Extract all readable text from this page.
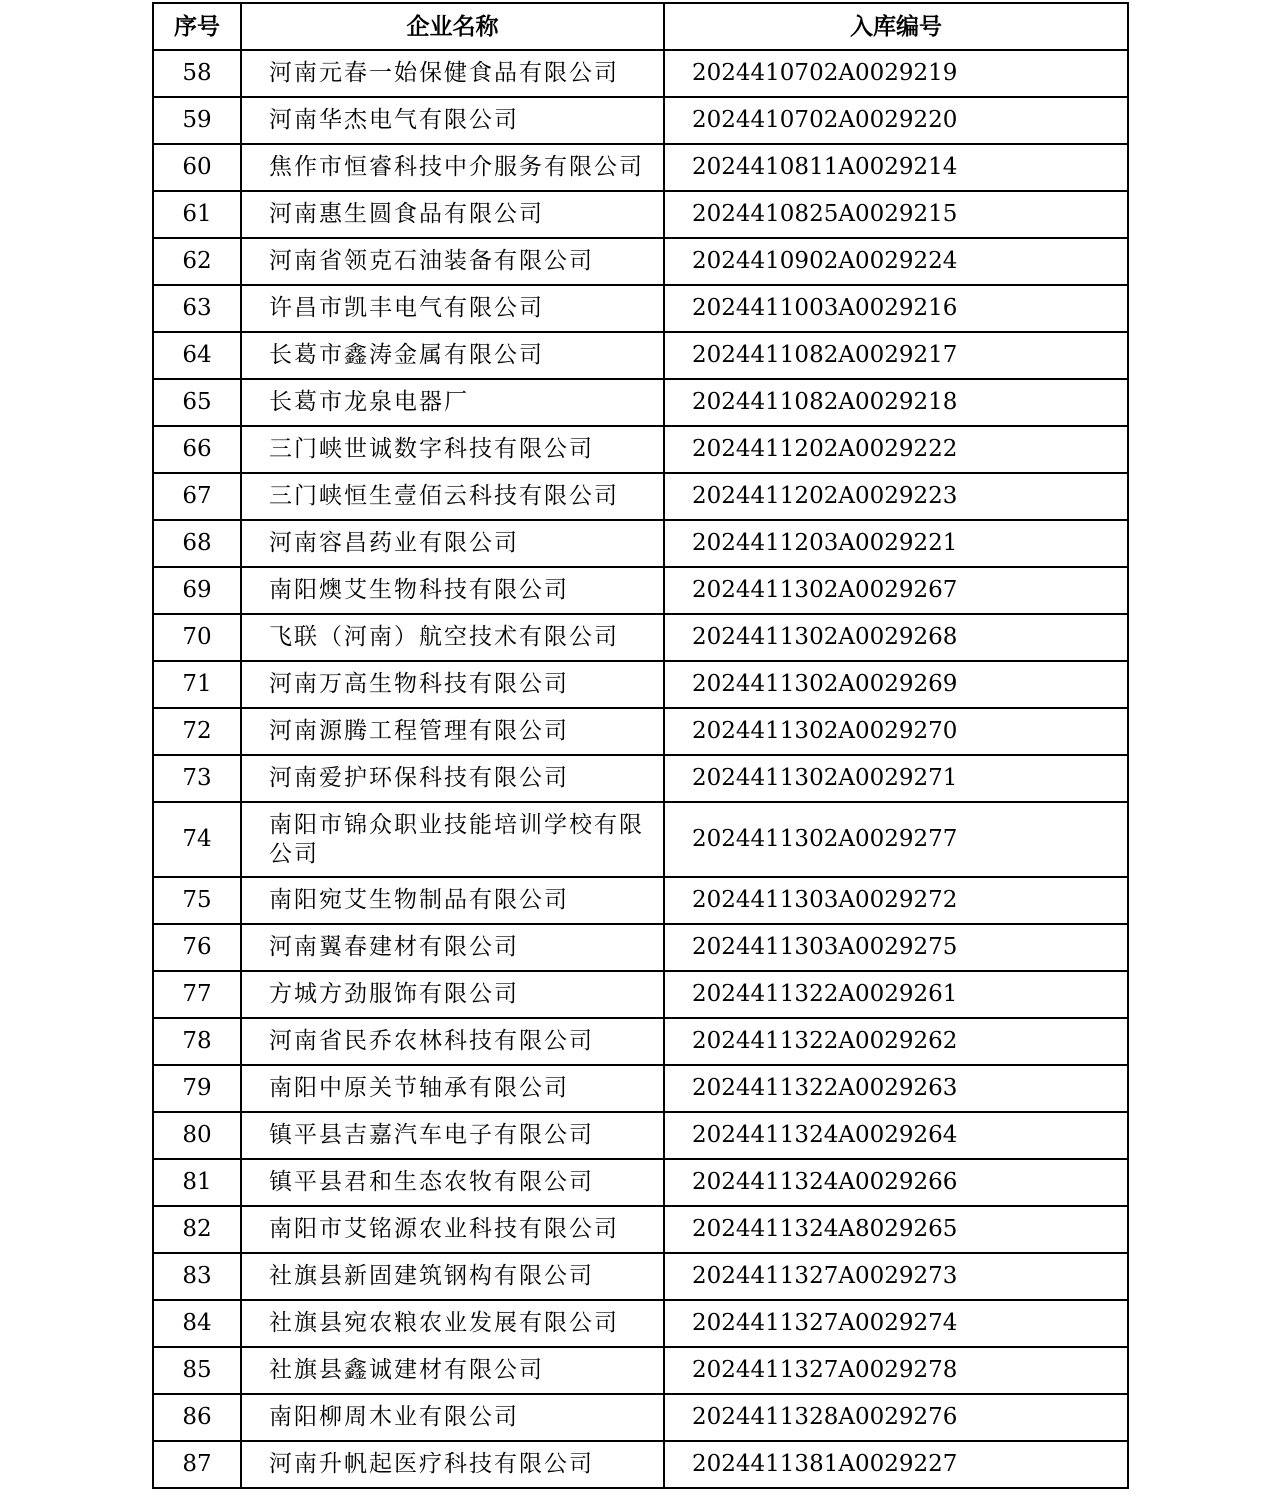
序号	企业名称	入库编号
58	河南元春一始保健食品有限公司	2024410702A0029219
59	河南华杰电气有限公司	2024410702A0029220
60	焦作市恒睿科技中介服务有限公司	2024410811A0029214
61	河南惠生圆食品有限公司	2024410825A0029215
62	河南省领克石油装备有限公司	2024410902A0029224
63	许昌市凯丰电气有限公司	2024411003A0029216
64	长葛市鑫涛金属有限公司	2024411082A0029217
65	长葛市龙泉电器厂	2024411082A0029218
66	三门峡世诚数字科技有限公司	2024411202A0029222
67	三门峡恒生壹佰云科技有限公司	2024411202A0029223
68	河南容昌药业有限公司	2024411203A0029221
69	南阳燠艾生物科技有限公司	2024411302A0029267
70	飞联（河南）航空技术有限公司	2024411302A0029268
71	河南万高生物科技有限公司	2024411302A0029269
72	河南源腾工程管理有限公司	2024411302A0029270
73	河南爱护环保科技有限公司	2024411302A0029271
74	南阳市锦众职业技能培训学校有限公司	2024411302A0029277
75	南阳宛艾生物制品有限公司	2024411303A0029272
76	河南翼春建材有限公司	2024411303A0029275
77	方城方劲服饰有限公司	2024411322A0029261
78	河南省民乔农林科技有限公司	2024411322A0029262
79	南阳中原关节轴承有限公司	2024411322A0029263
80	镇平县吉嘉汽车电子有限公司	2024411324A0029264
81	镇平县君和生态农牧有限公司	2024411324A0029266
82	南阳市艾铭源农业科技有限公司	2024411324A8029265
83	社旗县新固建筑钢构有限公司	2024411327A0029273
84	社旗县宛农粮农业发展有限公司	2024411327A0029274
85	社旗县鑫诚建材有限公司	2024411327A0029278
86	南阳柳周木业有限公司	2024411328A0029276
87	河南升帆起医疗科技有限公司	2024411381A0029227
